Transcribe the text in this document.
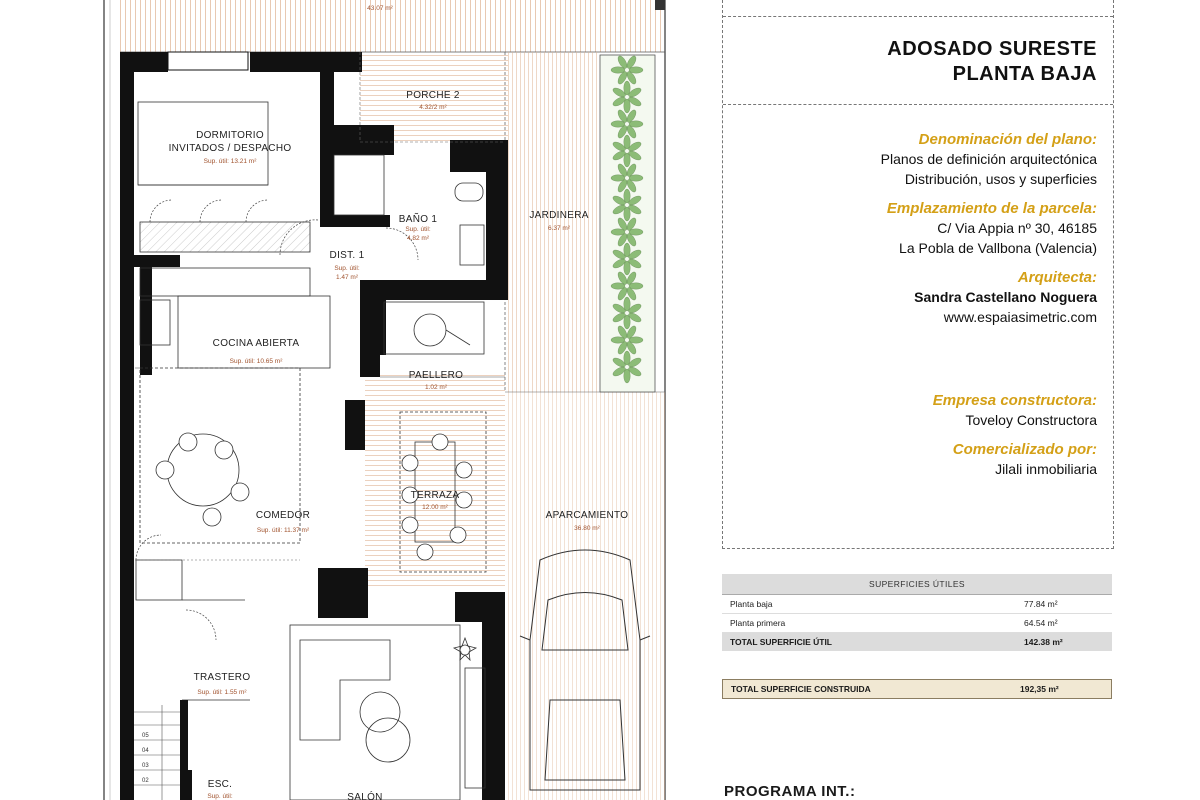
43.07 m²
DORMITORIO
INVITADOS / DESPACHO
Sup. útil: 13.21 m²
PORCHE 2
4.32/2 m²
BAÑO 1
Sup. útil:
4.82 m²
DIST. 1
Sup. útil:
1.47 m²
JARDINERA
6.37 m²
COCINA ABIERTA
Sup. útil: 10.65 m²
PAELLERO
1.02 m²
TERRAZA
12.00 m²
COMEDOR
Sup. útil: 11.37 m²
APARCAMIENTO
36.80 m²
TRASTERO
Sup. útil: 1.55 m²
ESC.
Sup. útil:	SALÓN
05
04
03
02
ADOSADO SURESTE
PLANTA BAJA
Denominación del plano:
Planos de definición arquitectónica
Distribución, usos y superficies
Emplazamiento de la parcela:
C/ Via Appia nº 30, 46185
La Pobla de Vallbona (Valencia)
Arquitecta:
Sandra Castellano Noguera
www.espaiasimetric.com
Empresa constructora:
Toveloy Constructora
Comercializado por:
Jilali inmobiliaria
SUPERFICIES ÚTILES	
Planta baja	77.84 m²
Planta primera	64.54 m²
TOTAL SUPERFICIE ÚTIL	142.38 m²
TOTAL SUPERFICIE CONSTRUIDA	192,35 m²
PROGRAMA INT.:
